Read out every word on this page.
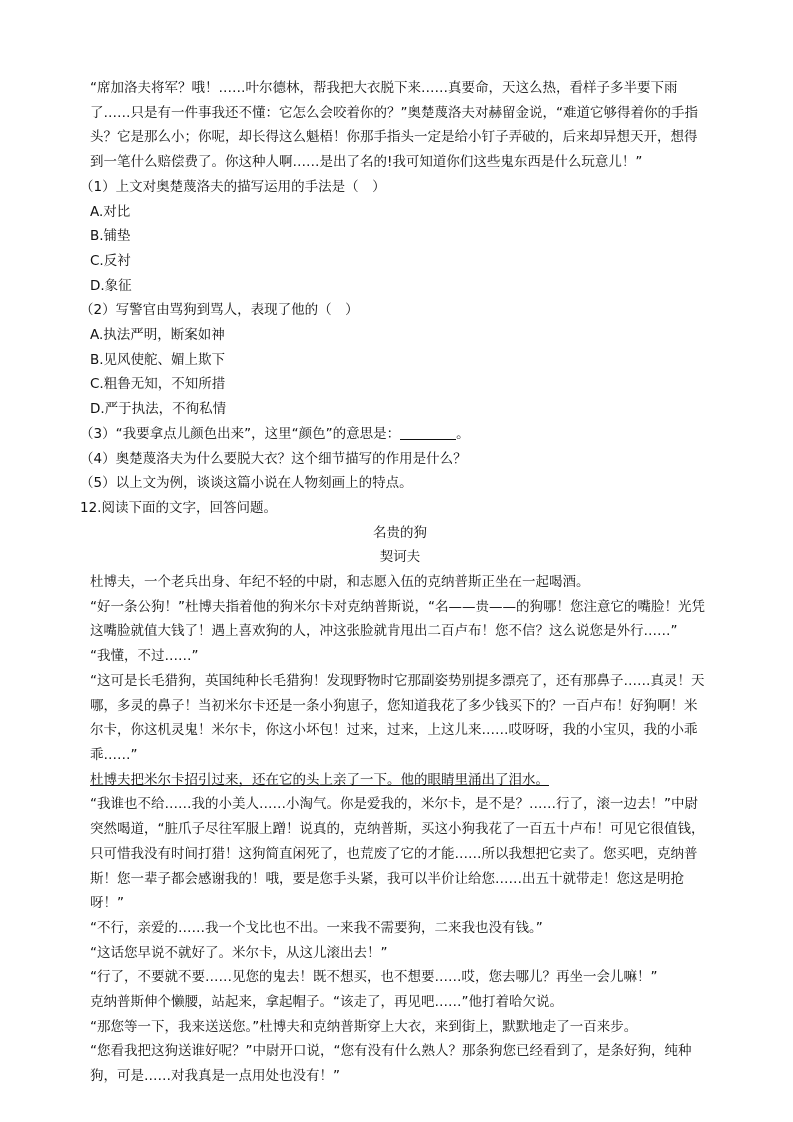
“席加洛夫将军？哦！……叶尔德林，帮我把大衣脱下来……真要命，天这么热，看样子多半要下雨了……只是有一件事我还不懂：它怎么会咬着你的？”奥楚蔑洛夫对赫留金说，“难道它够得着你的手指头？它是那么小；你呢，却长得这么魁梧！你那手指头一定是给小钉子弄破的，后来却异想天开，想得到一笔什么赔偿费了。你这种人啊……是出了名的!我可知道你们这些鬼东西是什么玩意儿！”

（1）上文对奥楚蔑洛夫的描写运用的手法是（　）

A.对比

B.铺垫

C.反衬

D.象征

（2）写警官由骂狗到骂人，表现了他的（　）

A.执法严明，断案如神

B.见风使舵、媚上欺下

C.粗鲁无知，不知所措

D.严于执法，不徇私情

（3）“我要拿点儿颜色出来”，这里“颜色”的意思是：	。

（4）奥楚蔑洛夫为什么要脱大衣？这个细节描写的作用是什么？

（5）以上文为例，谈谈这篇小说在人物刻画上的特点。

12.阅读下面的文字，回答问题。

名贵的狗

契诃夫

杜博夫，一个老兵出身、年纪不轻的中尉，和志愿入伍的克纳普斯正坐在一起喝酒。

“好一条公狗！”杜博夫指着他的狗米尔卡对克纳普斯说，“名——贵——的狗哪！您注意它的嘴脸！光凭这嘴脸就值大钱了！遇上喜欢狗的人，冲这张脸就肯甩出二百卢布！您不信？这么说您是外行……”

“我懂，不过……”

“这可是长毛猎狗，英国纯种长毛猎狗！发现野物时它那副姿势别提多漂亮了，还有那鼻子……真灵！天哪，多灵的鼻子！当初米尔卡还是一条小狗崽子，您知道我花了多少钱买下的？一百卢布！好狗啊！米尔卡，你这机灵鬼！米尔卡，你这小坏包！过来，过来，上这儿来……哎呀呀，我的小宝贝，我的小乖乖……”

杜博夫把米尔卡招引过来，还在它的头上亲了一下。他的眼睛里涌出了泪水。

“我谁也不给……我的小美人……小淘气。你是爱我的，米尔卡，是不是？……行了，滚一边去！”中尉突然喝道，“脏爪子尽往军服上蹭！说真的，克纳普斯，买这小狗我花了一百五十卢布！可见它很值钱，只可惜我没有时间打猎！这狗简直闲死了，也荒废了它的才能……所以我想把它卖了。您买吧，克纳普斯！您一辈子都会感谢我的！哦，要是您手头紧，我可以半价让给您……出五十就带走！您这是明抢呀！”

“不行，亲爱的……我一个戈比也不出。一来我不需要狗，二来我也没有钱。”

“这话您早说不就好了。米尔卡，从这儿滚出去！”

“行了，不要就不要……见您的鬼去！既不想买，也不想要……哎，您去哪儿？再坐一会儿嘛！”

克纳普斯伸个懒腰，站起来，拿起帽子。“该走了，再见吧……”他打着哈欠说。

“那您等一下，我来送送您。”杜博夫和克纳普斯穿上大衣，来到街上，默默地走了一百来步。

“您看我把这狗送谁好呢？”中尉开口说，“您有没有什么熟人？那条狗您已经看到了，是条好狗，纯种狗，可是……对我真是一点用处也没有！”
